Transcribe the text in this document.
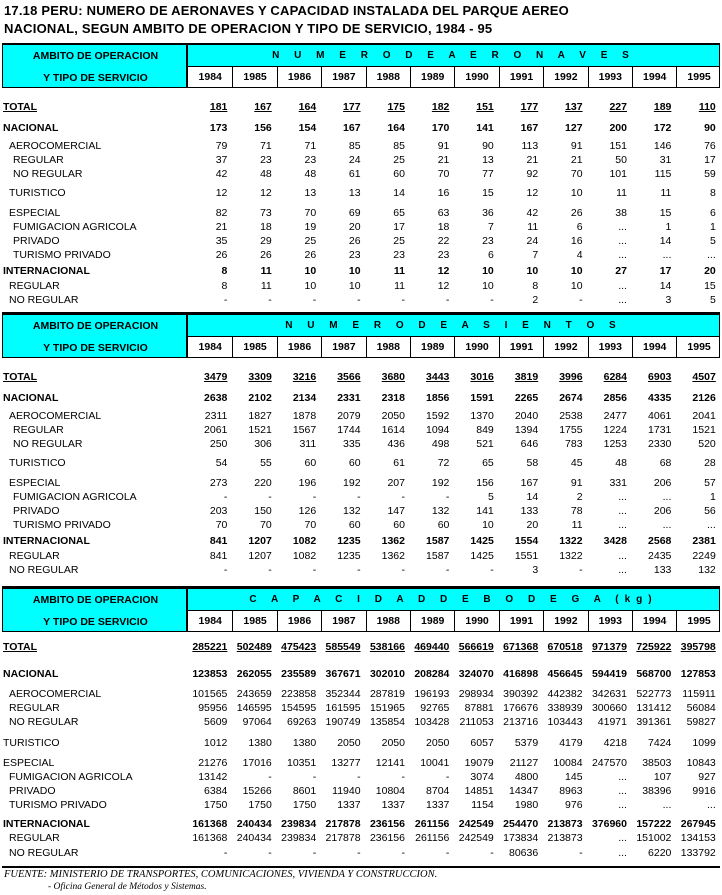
17.18 PERU: NUMERO DE AERONAVES Y CAPACIDAD INSTALADA DEL PARQUE AEREO
NACIONAL, SEGUN AMBITO DE OPERACION Y TIPO DE SERVICIO, 1984 - 95
AMBITO DE OPERACION
Y TIPO DE SERVICIO
N U M E R O D E A E R O N A V E S
1984	1985	1986	1987	1988	1989	1990	1991	1992	1993	1994	1995
TOTAL	181	167	164	177	175	182	151	177	137	227	189	110
NACIONAL	173	156	154	167	164	170	141	167	127	200	172	90
AEROCOMERCIAL	79	71	71	85	85	91	90	113	91	151	146	76
REGULAR	37	23	23	24	25	21	13	21	21	50	31	17
NO REGULAR	42	48	48	61	60	70	77	92	70	101	115	59
TURISTICO	12	12	13	13	14	16	15	12	10	11	11	8
ESPECIAL	82	73	70	69	65	63	36	42	26	38	15	6
FUMIGACION AGRICOLA	21	18	19	20	17	18	7	11	6	...	1	1
PRIVADO	35	29	25	26	25	22	23	24	16	...	14	5
TURISMO PRIVADO	26	26	26	23	23	23	6	7	4	...	...	...
INTERNACIONAL	8	11	10	10	11	12	10	10	10	27	17	20
REGULAR	8	11	10	10	11	12	10	8	10	...	14	15
NO REGULAR	-	-	-	-	-	-	-	2	-	...	3	5
AMBITO DE OPERACION
Y TIPO DE SERVICIO
N U M E R O D E A S I E N T O S
1984	1985	1986	1987	1988	1989	1990	1991	1992	1993	1994	1995
TOTAL	3479	3309	3216	3566	3680	3443	3016	3819	3996	6284	6903	4507
NACIONAL	2638	2102	2134	2331	2318	1856	1591	2265	2674	2856	4335	2126
AEROCOMERCIAL	2311	1827	1878	2079	2050	1592	1370	2040	2538	2477	4061	2041
REGULAR	2061	1521	1567	1744	1614	1094	849	1394	1755	1224	1731	1521
NO REGULAR	250	306	311	335	436	498	521	646	783	1253	2330	520
TURISTICO	54	55	60	60	61	72	65	58	45	48	68	28
ESPECIAL	273	220	196	192	207	192	156	167	91	331	206	57
FUMIGACION AGRICOLA	-	-	-	-	-	-	5	14	2	...	...	1
PRIVADO	203	150	126	132	147	132	141	133	78	...	206	56
TURISMO PRIVADO	70	70	70	60	60	60	10	20	11	...	...	...
INTERNACIONAL	841	1207	1082	1235	1362	1587	1425	1554	1322	3428	2568	2381
REGULAR	841	1207	1082	1235	1362	1587	1425	1551	1322	...	2435	2249
NO REGULAR	-	-	-	-	-	-	-	3	-	...	133	132
AMBITO DE OPERACION
Y TIPO DE SERVICIO
C A P A C I D A D D E B O D E G A (kg)
1984	1985	1986	1987	1988	1989	1990	1991	1992	1993	1994	1995
TOTAL	285221 502489 475423 585549 538166 469440 566619 671368 670518 971379 725922 395798
NACIONAL	123853 262055 235589 367671 302010 208284 324070 416898 456645 594419 568700 127853
AEROCOMERCIAL	101565 243659 223858 352344 287819 196193 298934 390392 442382 342631 522773	115911
REGULAR	95956 146595 154595 161595 151965	92765	87881 176676 338939 300660 131412	56084
NO REGULAR	5609	97064	69263 190749 135854 103428 211053 213716 103443	41971 391361	59827
TURISTICO	1012	1380	1380	2050	2050	2050	6057	5379	4179	4218	7424	1099
ESPECIAL	21276	17016	10351	13277	12141	10041	19079	21127	10084 247570	38503	10843
FUMIGACION AGRICOLA	13142	-	-	-	-	-	3074	4800	145	...	107	927
PRIVADO	6384	15266	8601	11940	10804	8704	14851	14347	8963	...	38396	9916
TURISMO PRIVADO	1750	1750	1750	1337	1337	1337	1154	1980	976	...	...	...
INTERNACIONAL	161368 240434 239834 217878 236156 261156 242549 254470 213873 376960 157222 267945
REGULAR	161368 240434 239834 217878 236156 261156 242549 173834 213873	... 151002 134153
NO REGULAR	-	-	-	-	-	-	-	80636	-	...	6220 133792
FUENTE: MINISTERIO DE TRANSPORTES, COMUNICACIONES, VIVIENDA Y CONSTRUCCION.
- Oficina General de Métodos y Sistemas.
